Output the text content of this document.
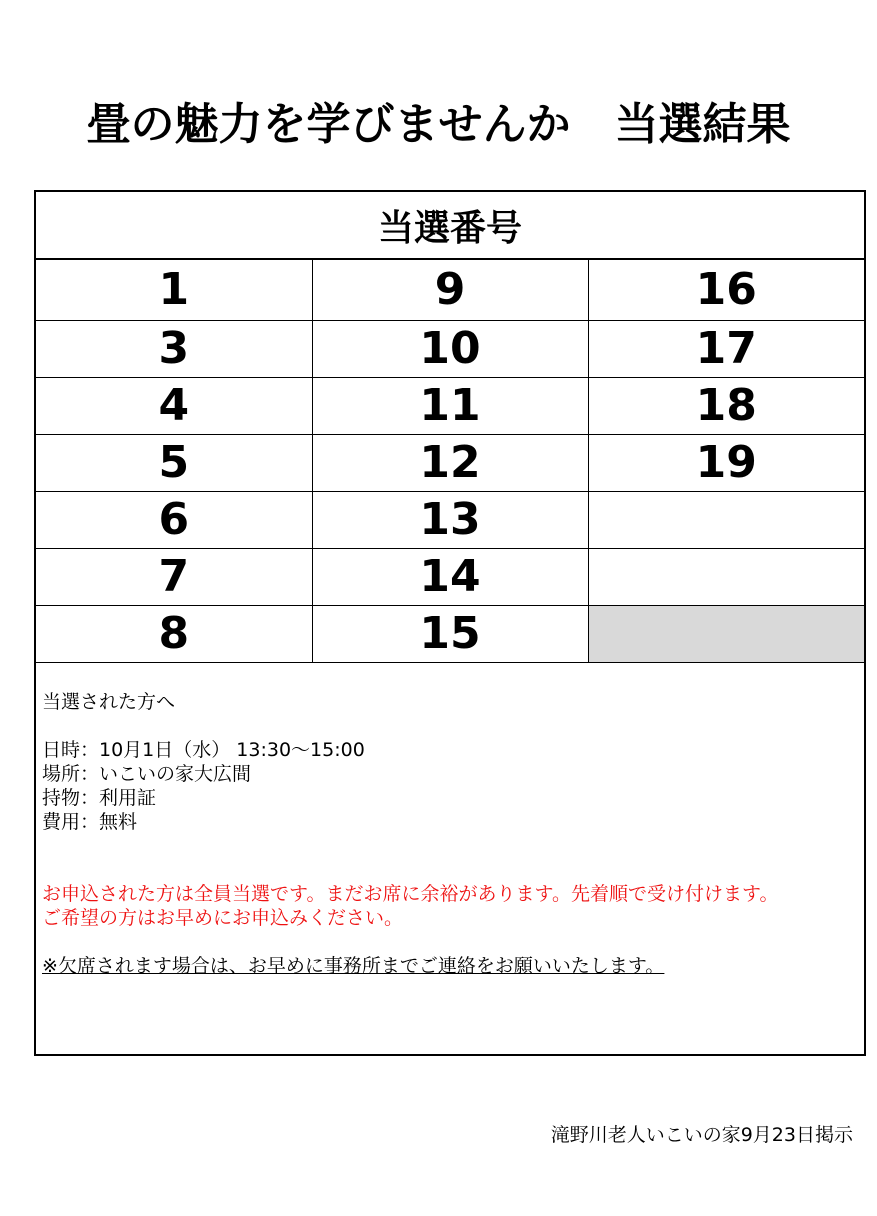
畳の魅力を学びませんか　当選結果
当選番号
1	9	16
3	10	17
4	11	18
5	12	19
6	13	
7	14	
8	15	
当選された方へ
日時：10月1日（水） 13:30～15:00
場所：いこいの家大広間
持物：利用証
費用：無料
お申込された方は全員当選です。まだお席に余裕があります。先着順で受け付けます。
ご希望の方はお早めにお申込みください。
※欠席されます場合は、お早めに事務所までご連絡をお願いいたします。
滝野川老人いこいの家9月23日掲示
